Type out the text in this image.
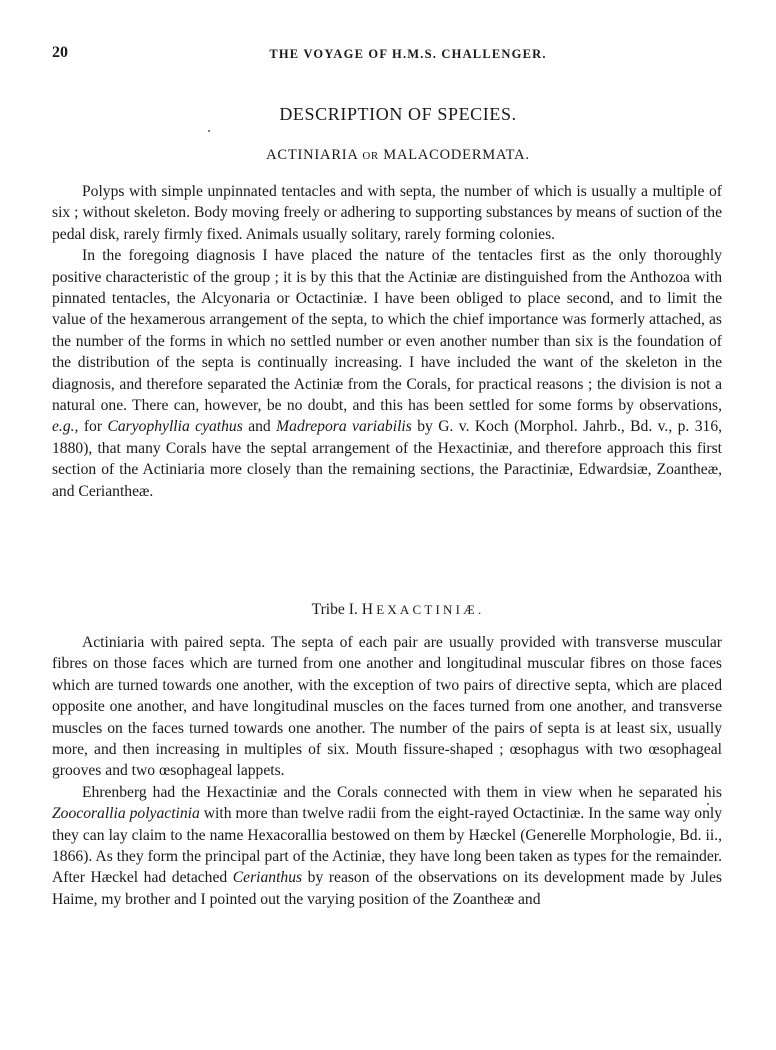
20	THE VOYAGE OF H.M.S. CHALLENGER.
DESCRIPTION OF SPECIES.
ACTINIARIA OR MALACODERMATA.

Polyps with simple unpinnated tentacles and with septa, the number of which is usually a multiple of six ; without skeleton. Body moving freely or adhering to supporting substances by means of suction of the pedal disk, rarely firmly fixed. Animals usually solitary, rarely forming colonies.

In the foregoing diagnosis I have placed the nature of the tentacles first as the only thoroughly positive characteristic of the group ; it is by this that the Actiniæ are distinguished from the Anthozoa with pinnated tentacles, the Alcyonaria or Octactiniæ. I have been obliged to place second, and to limit the value of the hexamerous arrangement of the septa, to which the chief importance was formerly attached, as the number of the forms in which no settled number or even another number than six is the foundation of the distribution of the septa is continually increasing. I have included the want of the skeleton in the diagnosis, and therefore separated the Actiniæ from the Corals, for practical reasons ; the division is not a natural one. There can, however, be no doubt, and this has been settled for some forms by observations, e.g., for Caryophyllia cyathus and Madrepora variabilis by G. v. Koch (Morphol. Jahrb., Bd. v., p. 316, 1880), that many Corals have the septal arrangement of the Hexactiniæ, and therefore approach this first section of the Actiniaria more closely than the remaining sections, the Paractiniæ, Edwardsiæ, Zoantheæ, and Ceriantheæ.

Tribe I. HEXACTINIÆ.

Actiniaria with paired septa. The septa of each pair are usually provided with transverse muscular fibres on those faces which are turned from one another and longitudinal muscular fibres on those faces which are turned towards one another, with the exception of two pairs of directive septa, which are placed opposite one another, and have longitudinal muscles on the faces turned from one another, and transverse muscles on the faces turned towards one another. The number of the pairs of septa is at least six, usually more, and then increasing in multiples of six. Mouth fissure-shaped ; œsophagus with two œsophageal grooves and two œsophageal lappets.

Ehrenberg had the Hexactiniæ and the Corals connected with them in view when he separated his Zoocorallia polyactinia with more than twelve radii from the eight-rayed Octactiniæ. In the same way only they can lay claim to the name Hexacorallia bestowed on them by Hæckel (Generelle Morphologie, Bd. ii., 1866). As they form the principal part of the Actiniæ, they have long been taken as types for the remainder. After Hæckel had detached Cerianthus by reason of the observations on its development made by Jules Haime, my brother and I pointed out the varying position of the Zoantheæ and
